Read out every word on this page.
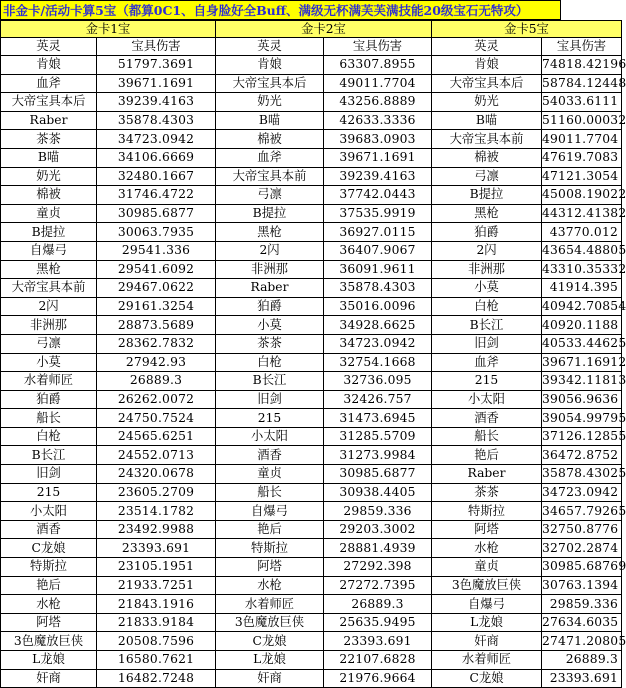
非金卡/活动卡算5宝（都算0C1、自身脸好全Buff、满级无杯满芙芙满技能20级宝石无特攻）
金卡1宝		金卡2宝		金卡5宝	
英灵	宝具伤害	英灵	宝具伤害	英灵	宝具伤害
肯娘	51797.3691	肯娘	63307.8955	肯娘	74818.42196
血斧	39671.1691	大帝宝具本后	49011.7704	大帝宝具本后	58784.12448
大帝宝具本后	39239.4163	奶光	43256.8889	奶光	54033.6111
Raber	35878.4303	B喵	42633.3336	B喵	51160.00032
茶茶	34723.0942	棉被	39683.0903	大帝宝具本前	49011.7704
B喵	34106.6669	血斧	39671.1691	棉被	47619.7083
奶光	32480.1667	大帝宝具本前	39239.4163	弓凛	47121.3054
棉被	31746.4722	弓凛	37742.0443	B提拉	45008.19022
童贞	30985.6877	B提拉	37535.9919	黑枪	44312.41382
B提拉	30063.7935	黑枪	36927.0115	狛爵	43770.012
自爆弓	29541.336	2闪	36407.9067	2闪	43654.48805
黑枪	29541.6092	非洲那	36091.9611	非洲那	43310.35332
大帝宝具本前	29467.0622	Raber	35878.4303	小莫	41914.395
2闪	29161.3254	狛爵	35016.0096	白枪	40942.70854
非洲那	28873.5689	小莫	34928.6625	B长江	40920.1188
弓凛	28362.7832	茶茶	34723.0942	旧剑	40533.44625
小莫	27942.93	白枪	32754.1668	血斧	39671.16912
水着师匠	26889.3	B长江	32736.095	215	39342.11813
狛爵	26262.0072	旧剑	32426.757	小太阳	39056.9636
船长	24750.7524	215	31473.6945	酒香	39054.99795
白枪	24565.6251	小太阳	31285.5709	船长	37126.12855
B长江	24552.0713	酒香	31273.9984	艳后	36472.8752
旧剑	24320.0678	童贞	30985.6877	Raber	35878.43025
215	23605.2709	船长	30938.4405	茶茶	34723.0942
小太阳	23514.1782	自爆弓	29859.336	特斯拉	34657.79265
酒香	23492.9988	艳后	29203.3002	阿塔	32750.8776
C龙娘	23393.691	特斯拉	28881.4939	水枪	32702.2874
特斯拉	23105.1951	阿塔	27292.398	童贞	30985.68769
艳后	21933.7251	水枪	27272.7395	3色魔放巨侠	30763.1394
水枪	21843.1916	水着师匠	26889.3	自爆弓	29859.336
阿塔	21833.9184	3色魔放巨侠	25635.9495	L龙娘	27634.6035
3色魔放巨侠	20508.7596	C龙娘	23393.691	奸商	27471.20805
L龙娘	16580.7621	L龙娘	22107.6828	水着师匠	26889.3
奸商	16482.7248	奸商	21976.9664	C龙娘	23393.691
